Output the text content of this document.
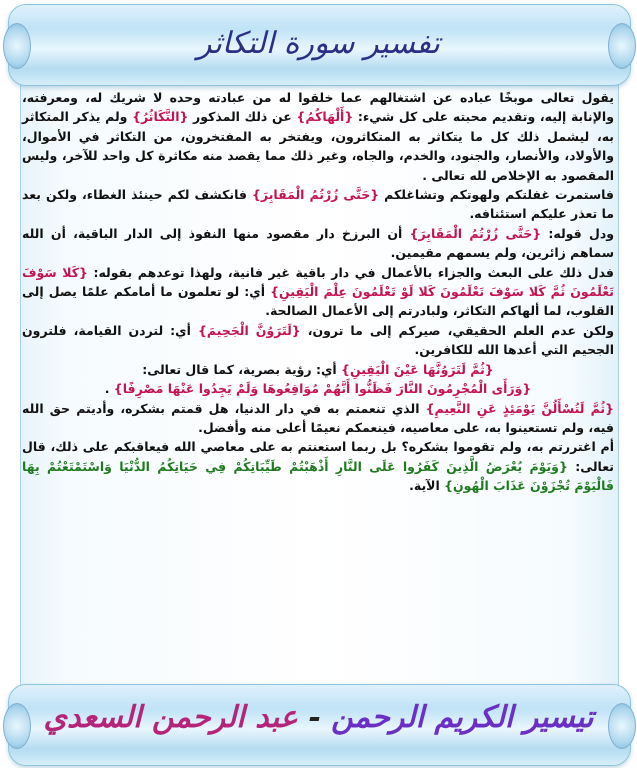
تفسير سورة التكاثر
تيسير الكريم الرحمن - عبد الرحمن السعدي

يقول تعالى موبخًا عباده عن اشتغالهم عما خلقوا له من عبادته وحده لا شريك له، ومعرفته، والإنابة إليه، وتقديم محبته على كل شيء: {أَلْهَاكُمُ} عن ذلك المذكور {التَّكَاثُرُ} ولم يذكر المتكاثر به، ليشمل ذلك كل ما يتكاثر به المتكاثرون، ويفتخر به المفتخرون، من التكاثر في الأموال، والأولاد، والأنصار، والجنود، والخدم، والجاه، وغير ذلك مما يقصد منه مكاثرة كل واحد للآخر، وليس المقصود به الإخلاص لله تعالى .

فاستمرت غفلتكم ولهوتكم وتشاغلكم {حَتَّى زُرْتُمُ الْمَقَابِرَ} فانكشف لكم حينئذ الغطاء، ولكن بعد ما تعذر عليكم استئنافه.

ودل قوله: {حَتَّى زُرْتُمُ الْمَقَابِرَ} أن البرزخ دار مقصود منها النفوذ إلى الدار الباقية، أن الله سماهم زائرين، ولم يسمهم مقيمين.

فدل ذلك على البعث والجزاء بالأعمال في دار باقية غير فانية، ولهذا توعدهم بقوله: {كَلا سَوْفَ تَعْلَمُونَ ثُمَّ كَلا سَوْفَ تَعْلَمُونَ كَلا لَوْ تَعْلَمُونَ عِلْمَ الْيَقِينِ} أي: لو تعلمون ما أمامكم علمًا يصل إلى القلوب، لما ألهاكم التكاثر، ولبادرتم إلى الأعمال الصالحة.

ولكن عدم العلم الحقيقي، صيركم إلى ما ترون، {لَتَرَوُنَّ الْجَحِيمَ} أي: لتردن القيامة، فلترون الجحيم التي أعدها الله للكافرين.

{ثُمَّ لَتَرَوُنَّهَا عَيْنَ الْيَقِينِ} أي: رؤية بصرية، كما قال تعالى:

{وَرَأَى الْمُجْرِمُونَ النَّارَ فَظَنُّوا أَنَّهُمْ مُوَاقِعُوهَا وَلَمْ يَجِدُوا عَنْهَا مَصْرِفًا} .

{ثُمَّ لَتُسْأَلُنَّ يَوْمَئِذٍ عَنِ النَّعِيمِ} الذي تنعمتم به في دار الدنيا، هل قمتم بشكره، وأديتم حق الله فيه، ولم تستعينوا به، على معاصيه، فينعمكم نعيمًا أعلى منه وأفضل.

أم اغتررتم به، ولم تقوموا بشكره؟ بل ربما استعنتم به على معاصي الله فيعاقبكم على ذلك، قال تعالى: {وَيَوْمَ يُعْرَضُ الَّذِينَ كَفَرُوا عَلَى النَّارِ أَذْهَبْتُمْ طَيِّبَاتِكُمْ فِي حَيَاتِكُمُ الدُّنْيَا وَاسْتَمْتَعْتُمْ بِهَا فَالْيَوْمَ تُجْزَوْنَ عَذَابَ الْهُونِ} الآية.
